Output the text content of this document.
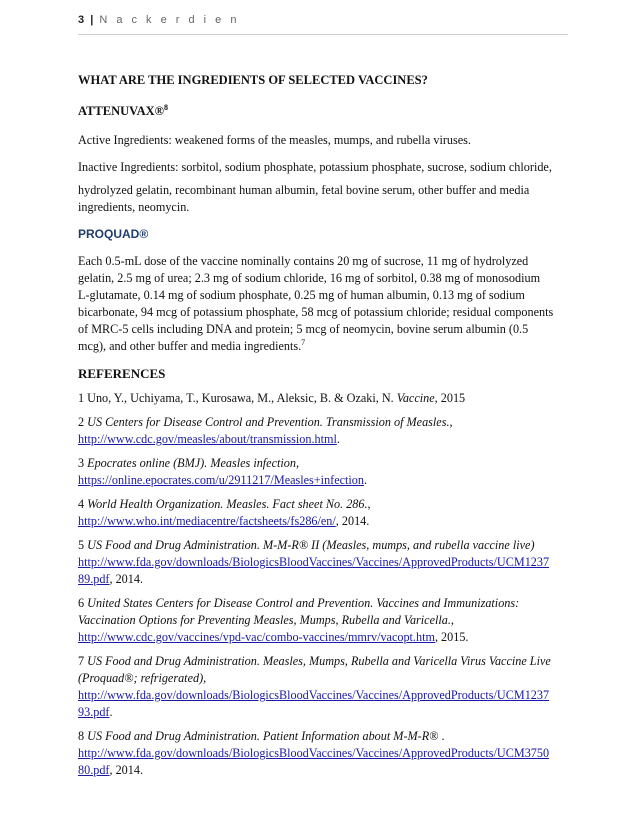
3 | N a c k e r d i e n
WHAT ARE THE INGREDIENTS OF SELECTED VACCINES?
ATTENUVAX®$^8$
Active Ingredients: weakened forms of the measles, mumps, and rubella viruses.
Inactive Ingredients: sorbitol, sodium phosphate, potassium phosphate, sucrose, sodium chloride,
hydrolyzed gelatin, recombinant human albumin, fetal bovine serum, other buffer and media
ingredients, neomycin.
PROQUAD®
Each 0.5-mL dose of the vaccine nominally contains 20 mg of sucrose, 11 mg of hydrolyzed
gelatin, 2.5 mg of urea; 2.3 mg of sodium chloride, 16 mg of sorbitol, 0.38 mg of monosodium
L-glutamate, 0.14 mg of sodium phosphate, 0.25 mg of human albumin, 0.13 mg of sodium
bicarbonate, 94 mcg of potassium phosphate, 58 mcg of potassium chloride; residual components
of MRC-5 cells including DNA and protein; 5 mcg of neomycin, bovine serum albumin (0.5
mcg), and other buffer and media ingredients.$^7$
REFERENCES
1 Uno, Y., Uchiyama, T., Kurosawa, M., Aleksic, B. & Ozaki, N. Vaccine, 2015
2 US Centers for Disease Control and Prevention. Transmission of Measles., http://www.cdc.gov/measles/about/transmission.html.
3 Epocrates online (BMJ). Measles infection, https://online.epocrates.com/u/2911217/Measles+infection.
4 World Health Organization. Measles. Fact sheet No. 286., http://www.who.int/mediacentre/factsheets/fs286/en/, 2014.
5 US Food and Drug Administration. M-M-R® II (Measles, mumps, and rubella vaccine live) http://www.fda.gov/downloads/BiologicsBloodVaccines/Vaccines/ApprovedProducts/UCM1237 89.pdf, 2014.
6 United States Centers for Disease Control and Prevention. Vaccines and Immunizations: Vaccination Options for Preventing Measles, Mumps, Rubella and Varicella., http://www.cdc.gov/vaccines/vpd-vac/combo-vaccines/mmrv/vacopt.htm, 2015.
7 US Food and Drug Administration. Measles, Mumps, Rubella and Varicella Virus Vaccine Live (Proquad®; refrigerated), http://www.fda.gov/downloads/BiologicsBloodVaccines/Vaccines/ApprovedProducts/UCM1237 93.pdf.
8 US Food and Drug Administration. Patient Information about M-M-R® . http://www.fda.gov/downloads/BiologicsBloodVaccines/Vaccines/ApprovedProducts/UCM3750 80.pdf, 2014.
